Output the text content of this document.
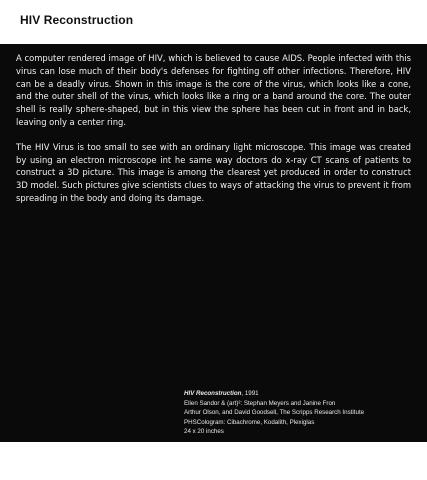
HIV Reconstruction

A computer rendered image of HIV, which is believed to cause AIDS. People infected with this virus can lose much of their body's defenses for fighting off other infections. Therefore, HIV can be a deadly virus. Shown in this image is the core of the virus, which looks like a cone, and the outer shell of the virus, which looks like a ring or a band around the core. The outer shell is really sphere-shaped, but in this view the sphere has been cut in front and in back, leaving only a center ring.

The HIV Virus is too small to see with an ordinary light microscope. This image was created by using an electron microscope int he same way doctors do x-ray CT scans of patients to construct a 3D picture. This image is among the clearest yet produced in order to construct 3D model. Such pictures give scientists clues to ways of attacking the virus to prevent it from spreading in the body and doing its damage.

HIV Reconstruction, 1991
Ellen Sandor & (art)²: Stephan Meyers and Janine Fron
Arthur Olson, and David Goodsell, The Scripps Research Institute
PHSCologram: Cibachrome, Kodalith, Plexiglas
24 x 20 inches
